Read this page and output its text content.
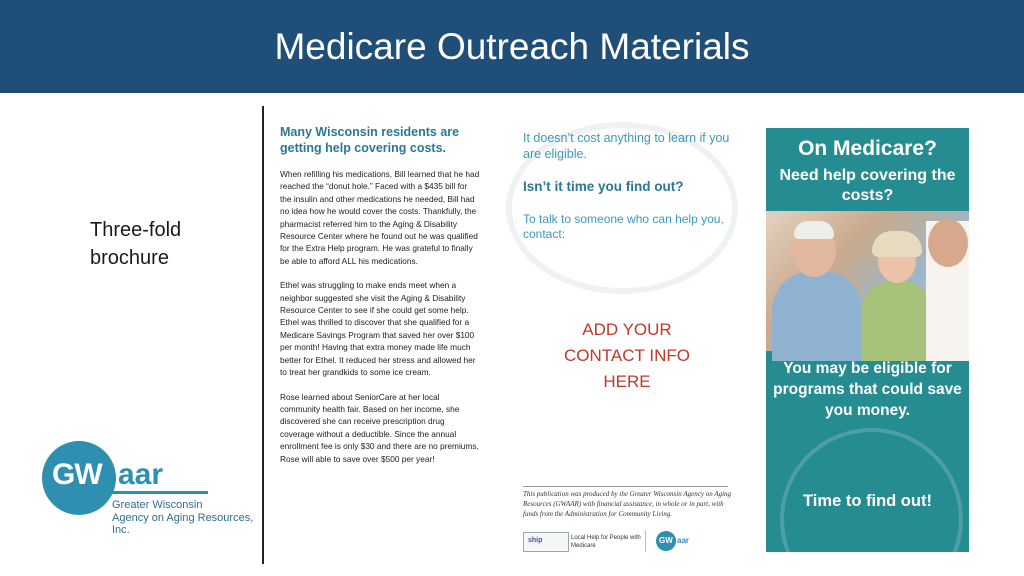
Medicare Outreach Materials
Three-fold brochure
GW aar
Greater Wisconsin
Agency on Aging Resources, Inc.
Many Wisconsin residents are getting help covering costs.
When refilling his medications, Bill learned that he had reached the “donut hole.” Faced with a $435 bill for the insulin and other medications he needed, Bill had no idea how he would cover the costs. Thankfully, the pharmacist referred him to the Aging & Disability Resource Center where he found out he was qualified for the Extra Help program. He was grateful to finally be able to afford ALL his medications.
Ethel was struggling to make ends meet when a neighbor suggested she visit the Aging & Disability Resource Center to see if she could get some help. Ethel was thrilled to discover that she qualified for a Medicare Savings Program that saved her over $100 per month! Having that extra money made life much better for Ethel. It reduced her stress and allowed her to treat her grandkids to some ice cream.
Rose learned about SeniorCare at her local community health fair. Based on her income, she discovered she can receive prescription drug coverage without a deductible. Since the annual enrollment fee is only $30 and there are no premiums, Rose will able to save over $500 per year!
It doesn’t cost anything to learn if you are eligible.
Isn’t it time you find out?
To talk to someone who can help you, contact:
ADD YOUR CONTACT INFO HERE
This publication was produced by the Greater Wisconsin Agency on Aging Resources (GWAAR) with financial assistance, in whole or in part, with funds from the Administration for Community Living.
ship	Local Help for People with Medicare
GW aar
On Medicare?
Need help covering the costs?
You may be eligible for programs that could save you money.
Time to find out!
